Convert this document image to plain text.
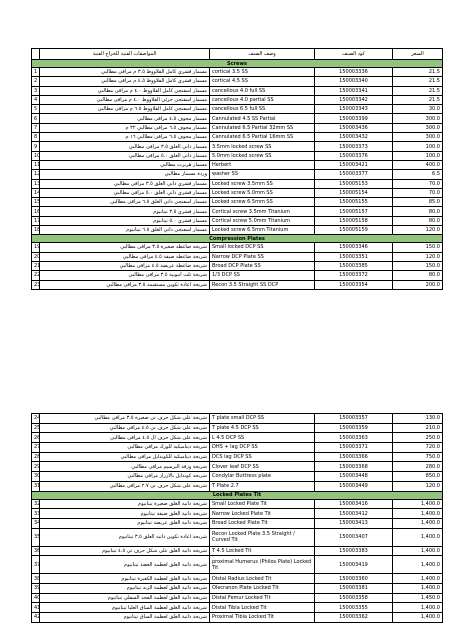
	المواصفات الفنية للخراج الفنية	وصف الصنف	كود الصنف	السعر
Screws				
1	مسمار قشري كامل القلاووظ ٣.٥ م مراقى مطالبي	cortical 3.5 SS	150003336	21.5
2	مسمار قشري كامل القلاووظ ٤.٥ م مراقى مطالبي	cortical 4.5 SS	150003340	21.5
3	مسمار اسفنجي كامل القلاووظ ٤.٠ م مراقى مطالبي	cancellous 4.0 full SS	150003341	21.5
4	مسمار اسفنجي جزئي القلاووظ ٤.٠ م مراقى مطالبي	cancellous 4.0 partial SS	150003342	21.5
5	مسمار اسفنجي كامل القلاووظ ٦.٥ م مراقى مطالبي	cancellous 6.5 full SS	150003343	30.0
6	مسمار مجوف ٤.٥ مراقى مطالبي	Cannulated 4.5 SS Partial	150003399	300.0
7	مسمار مجوف ٦.٥ مراقى مطالبي ٣٢ م	Cannulated 6.5 Partial 32mm SS	150003436	300.0
8	مسمار مجوف ٦.٥ مراقى مطالبي ١٦ م	Cannulated 6.5 Partial 16mm SS	150003432	300.0
9	مسمار ذاتي الغلق ٣.٥ مراقى مطالبي	3.5mm locked screw SS	150003373	100.0
10	مسمار ذاتي الغلق ٥.٠ مراقى مطالبي	5.0mm locked screw SS	150003376	100.0
11	مسمار هربرت مطالبي	Herbert	150003421	400.0
12	وردة مسمار مطالبي	washer SS	150003377	6.5
13	مسمار قشري ذاتي الغلق ٣.٥ مراقى مطالبي	Locked screw 3.5mm SS	150005153	70.0
14	مسمار قشري ذاتي الغلق ٥.٠ مراقى مطالبي	Locked screw 5.0mm SS	150005154	70.0
15	مسمار اسفنجي ذاتي الغلق ٦.٥ مراقى مطالبي	Locked screw 6.5mm SS	150005155	85.0
16	مسمار قشري ٣.٥ تيتانيوم	Cortical screw 3.5mm Titanium	150005157	80.0
17	مسمار قشري ٥.٠ تيتانيوم	Cortical screw 5.0mm Titanium	150005158	80.0
18	مسمار اسفنجي ذاتي الغلق ٦.٥ تيتانيوم	Locked screw 6.5mm Titanium	150005159	120.0
Compression Plates				
19	شريحة ضاغطة صغيرة ٣.٥ مراقى مطالبي	Small locked DCP SS	150003346	150.0
20	شريحة ضاغطة ضيقة ٤.٥ مراقى مطالبي	Narrow DCP Plate SS	150003351	120.0
21	شريحة ضاغطة عريضة ٤.٥ مراقى مطالبي	Broad DCP Plate SS	150003385	150.0
22	شريحة ثلث انبوبية ٣.٥ مراقى مطالبي	1/3 DCP SS	150003372	80.0
23	شريحة اعادة تكوين مستقيمة ٣.٥ مراقى مطالبي	Recon 3.5 Straight SS DCP	150003354	200.0
24	شريحة على شكل حرف تي صغيرة ٣.٥ مراقى مطالبي	T plate small DCP SS	150003357	130.0
25	شريحة على شكل حرف تي ٤.٥ مراقى مطالبي	T plate 4.5 DCP SS	150003359	210.0
26	شريحة على شكل حرف ال ٤.٥ مراقى مطالبي	L 4.5 DCP SS	150003363	250.0
27	شريحة ديناميكية للورك مراقى مطالبي	DHS + lag DCP SS	150003371	720.0
28	شريحة ديناميكية للكوندايل مراقى مطالبي	DCS lag DCP SS	150003366	750.0
29	شريحة ورقة البرسيم مراقى مطالبي	Clover leaf DCP SS	150003368	280.0
30	شريحة كوندايل بالازرار مراقى مطالبي	Condylar Buttress plate	150003448	850.0
31	شريحة على شكل حرف تي ٢.٧ مراقى مطالبي	T Plate 2.7	150003449	120.0
Locked Plates Tit				
32	شريحة ذاتية الغلق صغيرة تيتانيوم	Small Locked Plate Tit	150003416	1,400.0
33	شريحة ذاتية الغلق ضيقة تيتانيوم	Narrow Locked Plate Tit	150003412	1,400.0
34	شريحة ذاتية الغلق عريضة تيتانيوم	Broad Locked Plate Tit	150003413	1,400.0
35	شريحة اعادة تكوين ذاتية الغلق ٣.٥ تيتانيوم	Recon Locked Plate 3.5 Straight / Curved Tit	150003407	1,400.0
36	شريحة ذاتية الغلق على شكل حرف تي ٤.٥ تيتانيوم	T 4.5 Locked Tit	150003383	1,400.0
37	شريحة ذاتية الغلق لعظمة العضد تيتانيوم	proximal Humerus (Philos Plate) Locked Tit	150003419	1,400.0
38	شريحة ذاتية الغلق لعظمة الكعبرة تيتانيوم	Distal Radius Locked Tit	150003360	1,400.0
39	شريحة ذاتية الغلق لعظمة الزند تيتانيوم	Olecranon Plate Locked Tit	150003381	1,400.0
40	شريحة ذاتية الغلق لعظمة الفخذ السفلي تيتانيوم	Distal Femur Locked Tit	150003358	1,450.0
41	شريحة ذاتية الغلق لعظمة الساق العليا تيتانيوم	Distal Tibia Locked Tit	150003355	1,400.0
42	شريحة ذاتية الغلق لعظمة الساق تيتانيوم	Proximal Tibia Locked Tit	150003362	1,400.0
